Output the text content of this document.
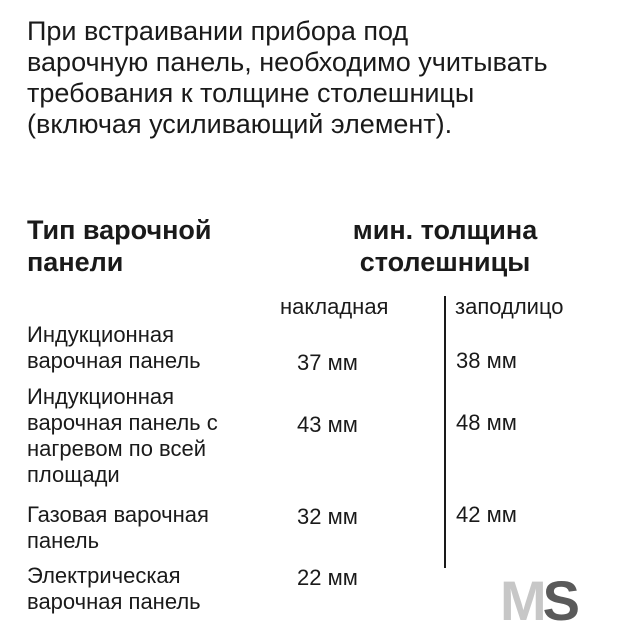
При встраивании прибора под
варочную панель, необходимо учитывать
требования к толщине столешницы
(включая усиливающий элемент).
Тип варочной
панели
мин. толщина
столешницы
накладная	заподлицо
Индукционная
варочная панель	37 мм	38 мм
Индукционная
варочная панель с
нагревом по всей
площади
43 мм	48 мм
Газовая варочная
панель
32 мм	42 мм
Электрическая
варочная панель
22 мм	MS
